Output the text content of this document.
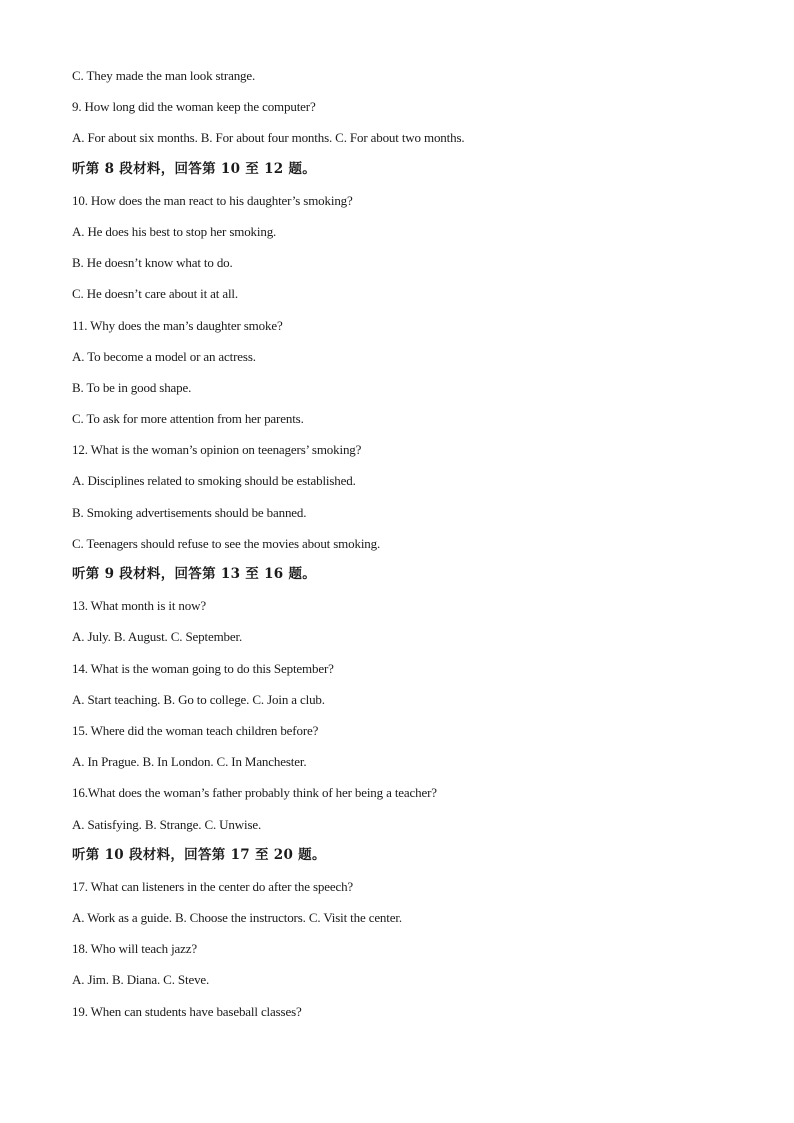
C. They made the man look strange.
9. How long did the woman keep the computer?
A. For about six months. B. For about four months. C. For about two months.
听第 8 段材料，回答第 10 至 12 题。
10. How does the man react to his daughter’s smoking?
A. He does his best to stop her smoking.
B. He doesn’t know what to do.
C. He doesn’t care about it at all.
11. Why does the man’s daughter smoke?
A. To become a model or an actress.
B. To be in good shape.
C. To ask for more attention from her parents.
12. What is the woman’s opinion on teenagers’ smoking?
A. Disciplines related to smoking should be established.
B. Smoking advertisements should be banned.
C. Teenagers should refuse to see the movies about smoking.
听第 9 段材料，回答第 13 至 16 题。
13. What month is it now?
A. July. B. August. C. September.
14. What is the woman going to do this September?
A. Start teaching. B. Go to college. C. Join a club.
15. Where did the woman teach children before?
A. In Prague. B. In London. C. In Manchester.
16.What does the woman’s father probably think of her being a teacher?
A. Satisfying. B. Strange. C. Unwise.
听第 10 段材料，回答第 17 至 20 题。
17. What can listeners in the center do after the speech?
A. Work as a guide. B. Choose the instructors. C. Visit the center.
18. Who will teach jazz?
A. Jim. B. Diana. C. Steve.
19. When can students have baseball classes?
